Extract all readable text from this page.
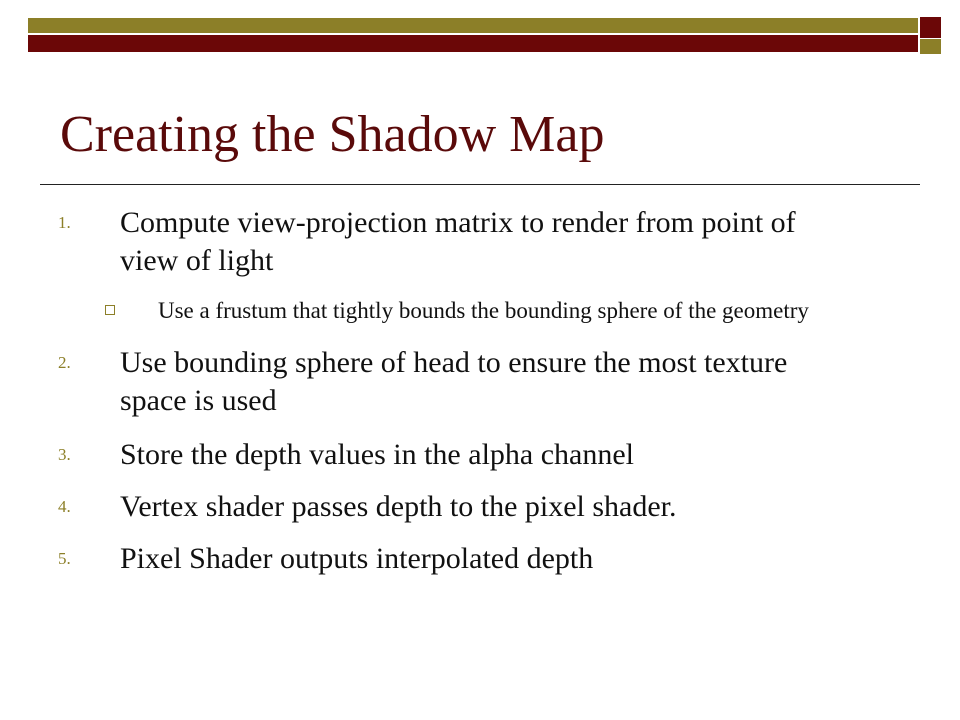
Creating the Shadow Map
1.	Compute view-projection matrix to render from point of view of light
Use a frustum that tightly bounds the bounding sphere of the geometry
2.	Use bounding sphere of head to ensure the most texture space is used
3.	Store the depth values in the alpha channel
4.	Vertex shader passes depth to the pixel shader.
5.	Pixel Shader outputs interpolated depth
